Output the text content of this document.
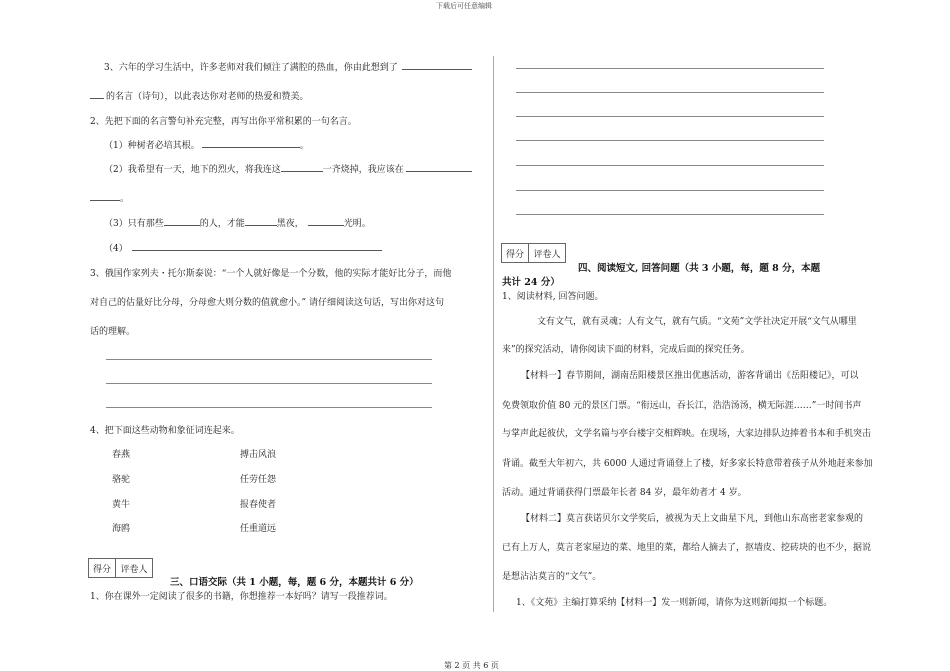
下载后可任意编辑
第 2 页 共 6 页
3、六年的学习生活中，许多老师对我们倾注了满腔的热血，你由此想到了
的名言（诗句），以此表达你对老师的热爱和赞美。
2、先把下面的名言警句补充完整，再写出你平常积累的一句名言。
（1）种树者必培其根。	。
（2）我希望有一天，地下的烈火，将我连这	一齐烧掉，我应该在
。
（3）只有那些	的人，才能	黑夜，	光明。
（4）
3、俄国作家列夫・托尔斯泰说：“一个人就好像是一个分数，他的实际才能好比分子，而他
对自己的估量好比分母，分母愈大则分数的值就愈小。” 请仔细阅读这句话，写出你对这句
话的理解。
4、把下面这些动物和象征词连起来。
春燕
骆驼
黄牛
海鸥
搏击风浪
任劳任怨
报春使者
任重道远
得分	评卷人
三、口语交际（共 1 小题，每，题 6 分，本题共计 6 分）
1、你在课外一定阅读了很多的书籍，你想推荐一本好吗？请写一段推荐词。
得分	评卷人
四、阅读短文, 回答问题（共 3 小题，每，题 8 分，本题
共计 24 分）
1、阅读材料, 回答问题。
文有文气，就有灵魂；人有文气，就有气质。“文苑”文学社决定开展“文气从哪里
来”的探究活动，请你阅读下面的材料，完成后面的探究任务。
【材料一】春节期间，湖南岳阳楼景区推出优惠活动，游客背诵出《岳阳楼记》，可以
免费领取价值 80 元的景区门票。“衔远山，吞长江，浩浩汤汤，横无际涯……”一时间书声
与掌声此起彼伏，文学名篇与亭台楼宇交相辉映。在现场，大家边排队边捧着书本和手机突击
背诵。截至大年初六，共 6000 人通过背诵登上了楼，好多家长特意带着孩子从外地赶来参加
活动。通过背诵获得门票最年长者 84 岁，最年幼者才 4 岁。
【材料二】莫言获诺贝尔文学奖后，被视为天上文曲星下凡，到他山东高密老家参观的
已有上万人，莫言老家屋边的菜、地里的菜，都给人摘去了，抠墙皮、挖砖块的也不少，据说
是想沾沾莫言的“文气”。
1、《文苑》主编打算采纳【材料一】发一则新闻，请你为这则新闻拟一个标题。
